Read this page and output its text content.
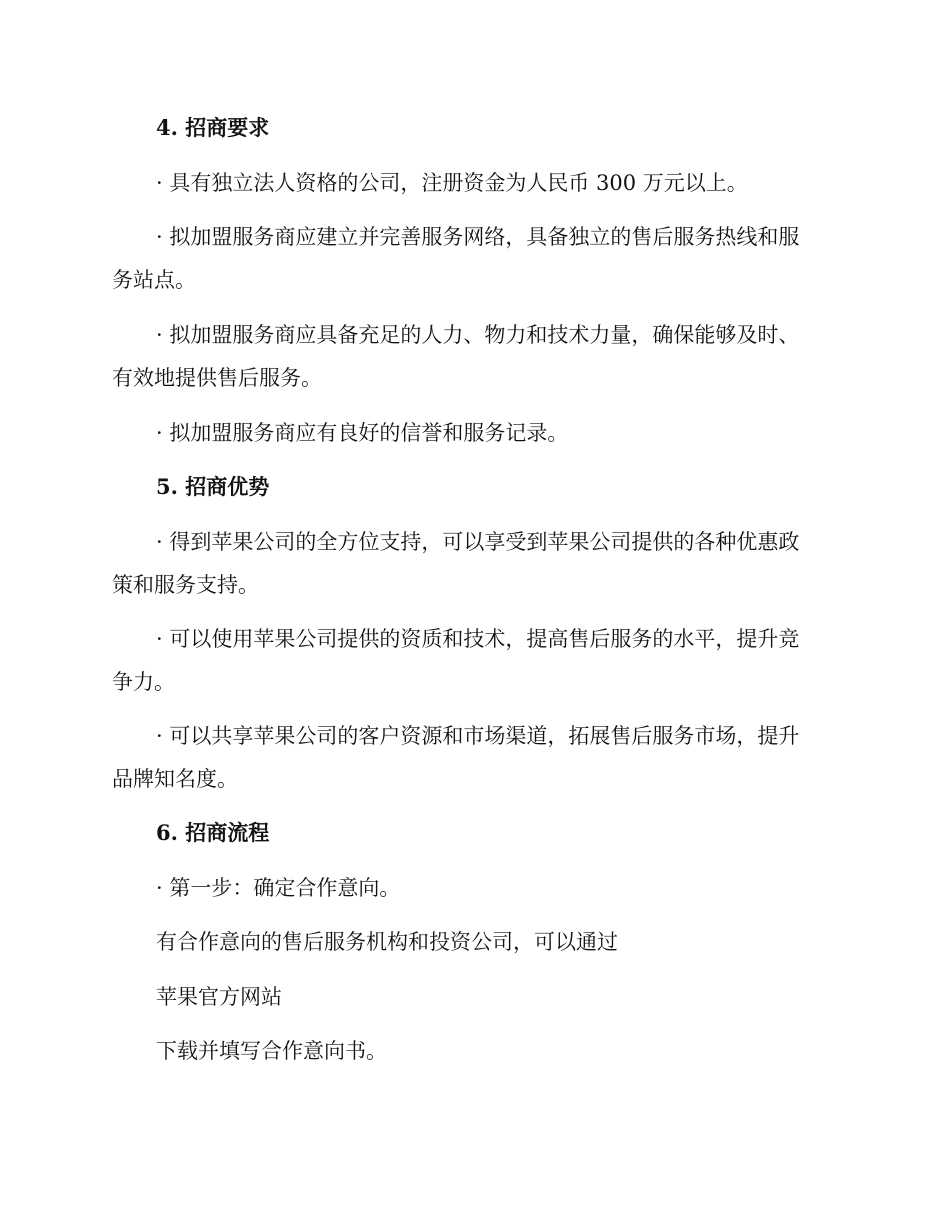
4. 招商要求
· 具有独立法人资格的公司，注册资金为人民币 300 万元以上。
· 拟加盟服务商应建立并完善服务网络，具备独立的售后服务热线和服
务站点。
· 拟加盟服务商应具备充足的人力、物力和技术力量，确保能够及时、
有效地提供售后服务。
· 拟加盟服务商应有良好的信誉和服务记录。
5. 招商优势
· 得到苹果公司的全方位支持，可以享受到苹果公司提供的各种优惠政
策和服务支持。
· 可以使用苹果公司提供的资质和技术，提高售后服务的水平，提升竞
争力。
· 可以共享苹果公司的客户资源和市场渠道，拓展售后服务市场，提升
品牌知名度。
6. 招商流程
· 第一步：确定合作意向。
有合作意向的售后服务机构和投资公司，可以通过
苹果官方网站
下载并填写合作意向书。
